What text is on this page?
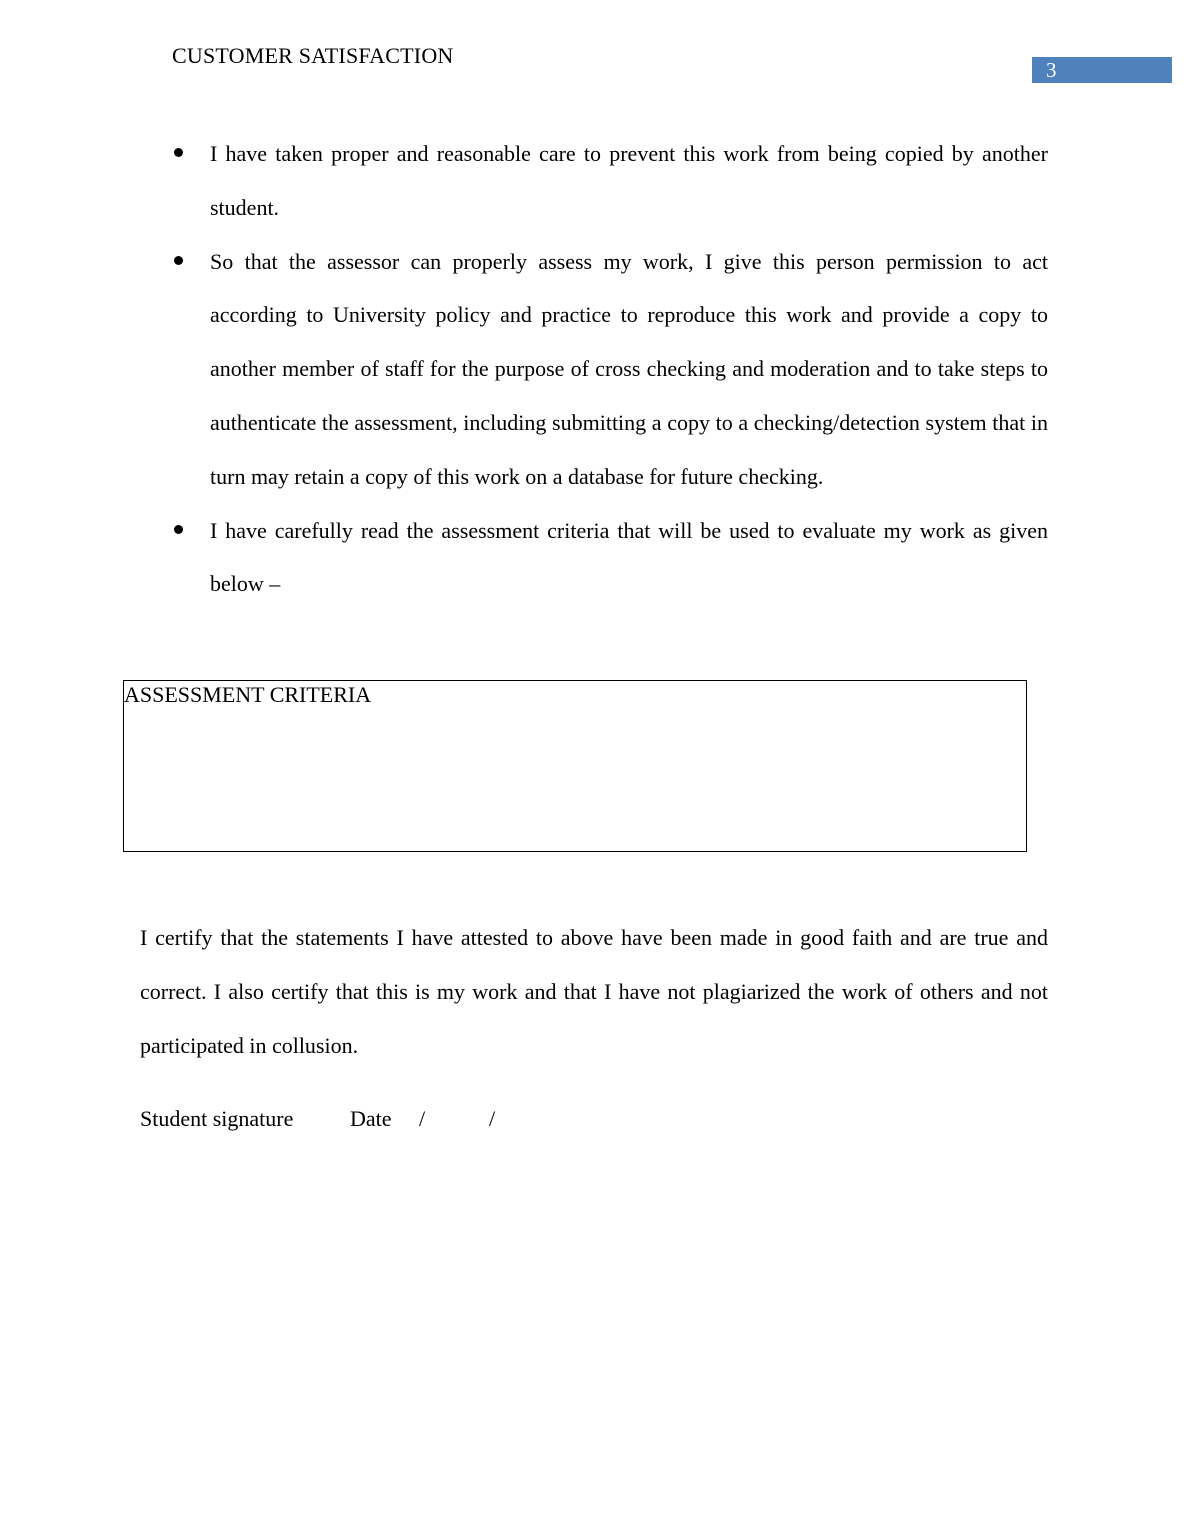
CUSTOMER SATISFACTION
3
I have taken proper and reasonable care to prevent this work from being copied by another student.
So that the assessor can properly assess my work, I give this person permission to act according to University policy and practice to reproduce this work and provide a copy to another member of staff for the purpose of cross checking and moderation and to take steps to authenticate the assessment, including submitting a copy to a checking/detection system that in turn may retain a copy of this work on a database for future checking.
I have carefully read the assessment criteria that will be used to evaluate my work as given below –
ASSESSMENT CRITERIA

I certify that the statements I have attested to above have been made in good faith and are true and correct. I also certify that this is my work and that I have not plagiarized the work of others and not participated in collusion.

Student signature	Date /	/
